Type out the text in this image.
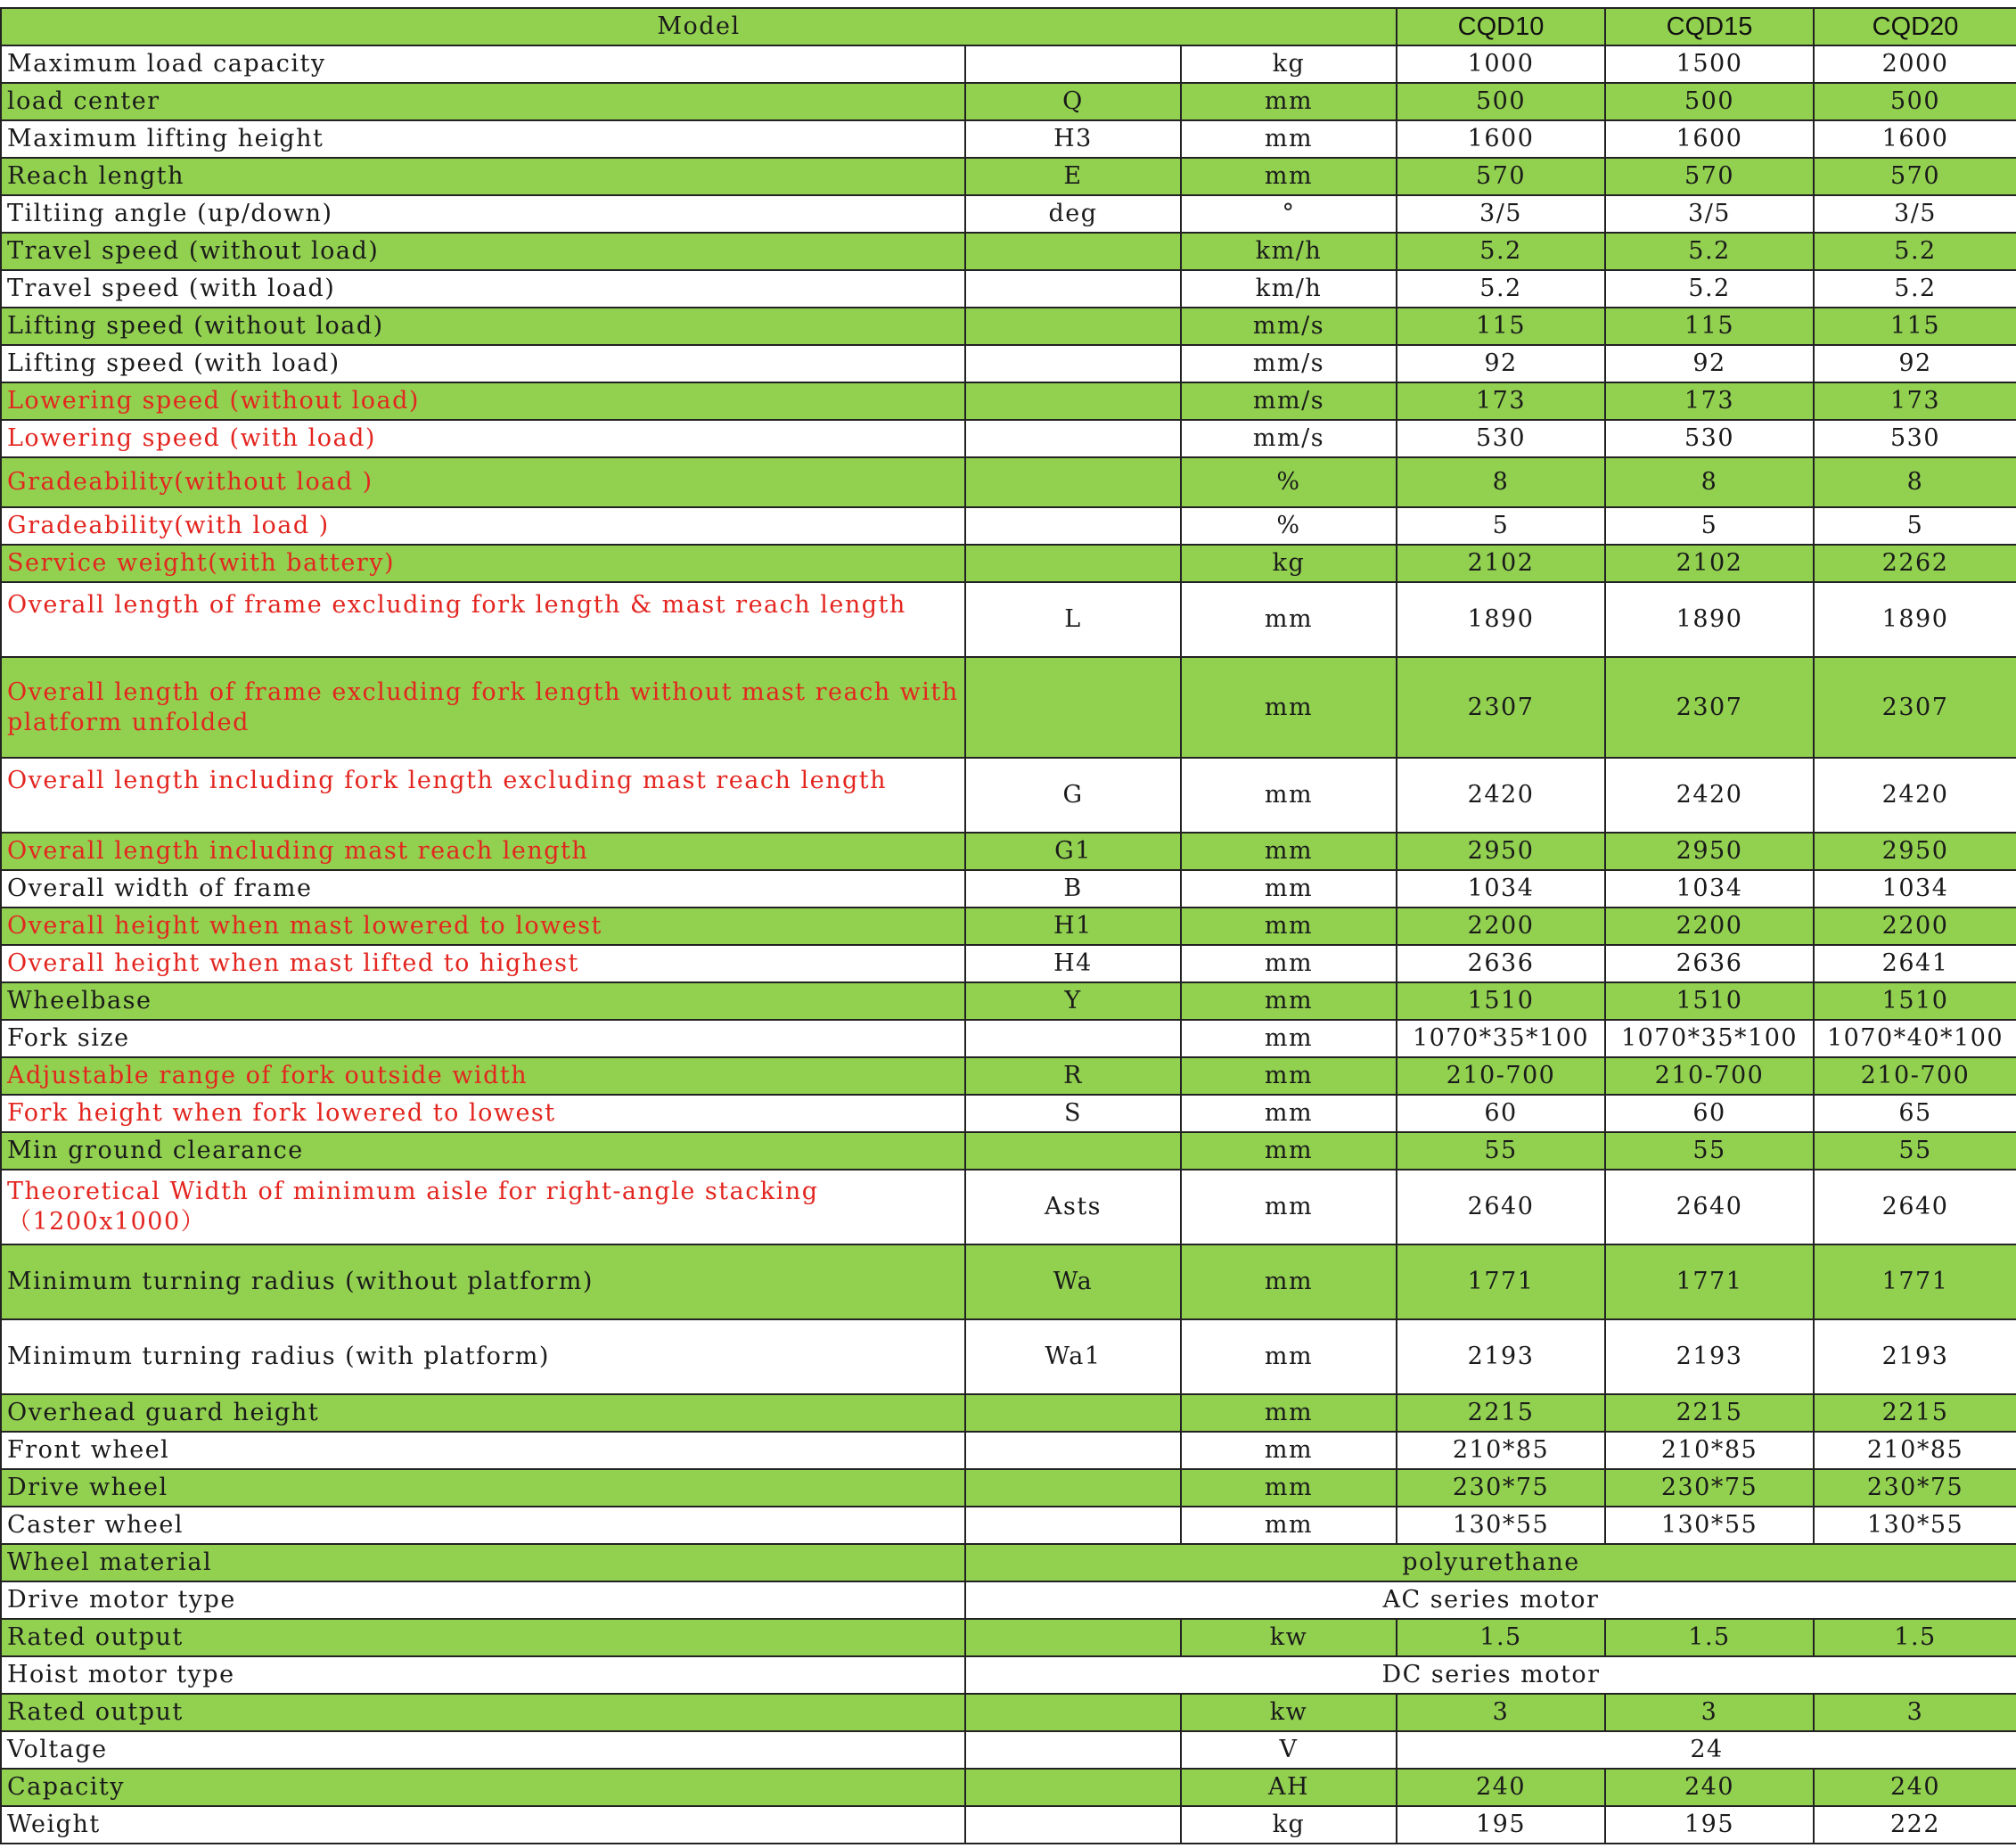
Model			CQD10	CQD15	CQD20
Maximum load capacity		kg	1000	1500	2000
load center	Q	mm	500	500	500
Maximum lifting height	H3	mm	1600	1600	1600
Reach length	E	mm	570	570	570
Tiltiing angle (up/down)	deg	°	3/5	3/5	3/5
Travel speed (without load)		km/h	5.2	5.2	5.2
Travel speed (with load)		km/h	5.2	5.2	5.2
Lifting speed (without load)		mm/s	115	115	115
Lifting speed (with load)		mm/s	92	92	92
Lowering speed (without load)		mm/s	173	173	173
Lowering speed (with load)		mm/s	530	530	530
Gradeability(without load )		%	8	8	8
Gradeability(with load )		%	5	5	5
Service weight(with battery)		kg	2102	2102	2262
Overall length of frame excluding fork length & mast reach length	L	mm	1890	1890	1890
Overall length of frame excluding fork length without mast reach with platform unfolded		mm	2307	2307	2307
Overall length including fork length excluding mast reach length	G	mm	2420	2420	2420
Overall length including mast reach length	G1	mm	2950	2950	2950
Overall width of frame	B	mm	1034	1034	1034
Overall height when mast lowered to lowest	H1	mm	2200	2200	2200
Overall height when mast lifted to highest	H4	mm	2636	2636	2641
Wheelbase	Y	mm	1510	1510	1510
Fork size		mm	1070*35*100	1070*35*100	1070*40*100
Adjustable range of fork outside width	R	mm	210-700	210-700	210-700
Fork height when fork lowered to lowest	S	mm	60	60	65
Min ground clearance		mm	55	55	55
Theoretical Width of minimum aisle for right-angle stacking （1200x1000）	Asts	mm	2640	2640	2640
Minimum turning radius (without platform)	Wa	mm	1771	1771	1771
Minimum turning radius (with platform)	Wa1	mm	2193	2193	2193
Overhead guard height		mm	2215	2215	2215
Front wheel		mm	210*85	210*85	210*85
Drive wheel		mm	230*75	230*75	230*75
Caster wheel		mm	130*55	130*55	130*55
Wheel material	polyurethane				
Drive motor type	AC series motor				
Rated output		kw	1.5	1.5	1.5
Hoist motor type	DC series motor				
Rated output		kw	3	3	3
Voltage		V	24		
Capacity		AH	240	240	240
Weight		kg	195	195	222
